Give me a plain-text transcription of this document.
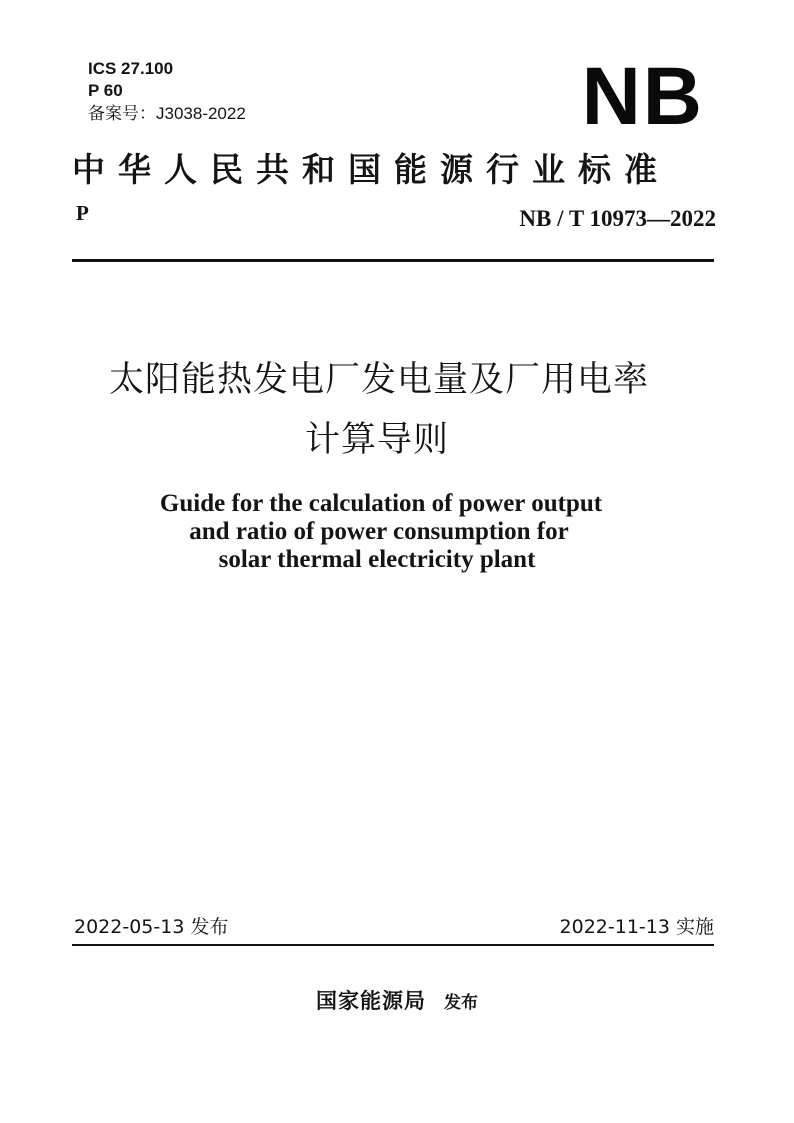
ICS 27.100
P 60
备案号：J3038-2022	NB
中华人民共和国能源行业标准
P	NB / T 10973—2022
太阳能热发电厂发电量及厂用电率
计算导则
Guide for the calculation of power output
and ratio of power consumption for
solar thermal electricity plant
2022-05-13 发布	2022-11-13 实施
国家能源局 发布
